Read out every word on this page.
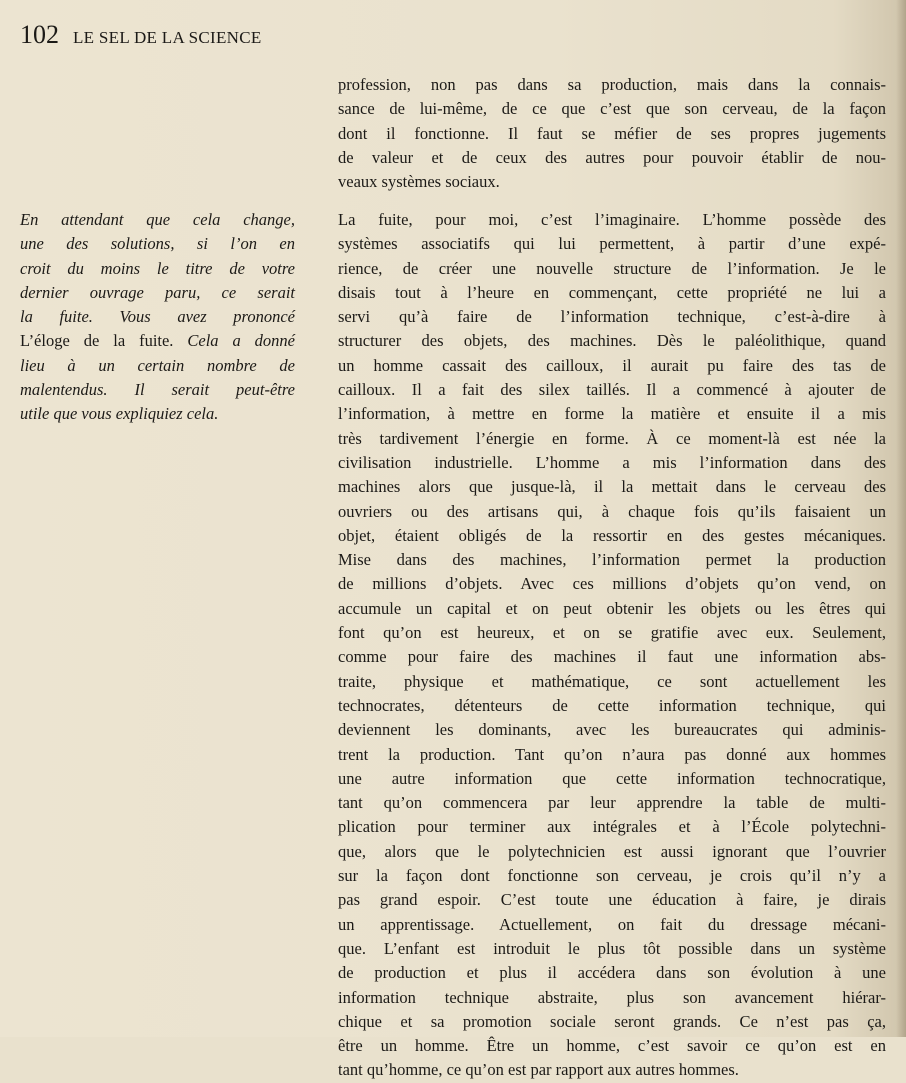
102 LE SEL DE LA SCIENCE
En attendant que cela change,
une des solutions, si l’on en
croit du moins le titre de votre
dernier ouvrage paru, ce serait
la fuite. Vous avez prononcé
L’éloge de la fuite. Cela a donné
lieu à un certain nombre de
malentendus. Il serait peut-être
utile que vous expliquiez cela.
profession, non pas dans sa production, mais dans la connais-
sance de lui-même, de ce que c’est que son cerveau, de la façon
dont il fonctionne. Il faut se méfier de ses propres jugements
de valeur et de ceux des autres pour pouvoir établir de nou-
veaux systèmes sociaux.
La fuite, pour moi, c’est l’imaginaire. L’homme possède des
systèmes associatifs qui lui permettent, à partir d’une expé-
rience, de créer une nouvelle structure de l’information. Je le
disais tout à l’heure en commençant, cette propriété ne lui a
servi qu’à faire de l’information technique, c’est-à-dire à
structurer des objets, des machines. Dès le paléolithique, quand
un homme cassait des cailloux, il aurait pu faire des tas de
cailloux. Il a fait des silex taillés. Il a commencé à ajouter de
l’information, à mettre en forme la matière et ensuite il a mis
très tardivement l’énergie en forme. À ce moment-là est née la
civilisation industrielle. L’homme a mis l’information dans des
machines alors que jusque-là, il la mettait dans le cerveau des
ouvriers ou des artisans qui, à chaque fois qu’ils faisaient un
objet, étaient obligés de la ressortir en des gestes mécaniques.
Mise dans des machines, l’information permet la production
de millions d’objets. Avec ces millions d’objets qu’on vend, on
accumule un capital et on peut obtenir les objets ou les êtres qui
font qu’on est heureux, et on se gratifie avec eux. Seulement,
comme pour faire des machines il faut une information abs-
traite, physique et mathématique, ce sont actuellement les
technocrates, détenteurs de cette information technique, qui
deviennent les dominants, avec les bureaucrates qui adminis-
trent la production. Tant qu’on n’aura pas donné aux hommes
une autre information que cette information technocratique,
tant qu’on commencera par leur apprendre la table de multi-
plication pour terminer aux intégrales et à l’École polytechni-
que, alors que le polytechnicien est aussi ignorant que l’ouvrier
sur la façon dont fonctionne son cerveau, je crois qu’il n’y a
pas grand espoir. C’est toute une éducation à faire, je dirais
un apprentissage. Actuellement, on fait du dressage mécani-
que. L’enfant est introduit le plus tôt possible dans un système
de production et plus il accédera dans son évolution à une
information technique abstraite, plus son avancement hiérar-
chique et sa promotion sociale seront grands. Ce n’est pas ça,
être un homme. Être un homme, c’est savoir ce qu’on est en
tant qu’homme, ce qu’on est par rapport aux autres hommes.
